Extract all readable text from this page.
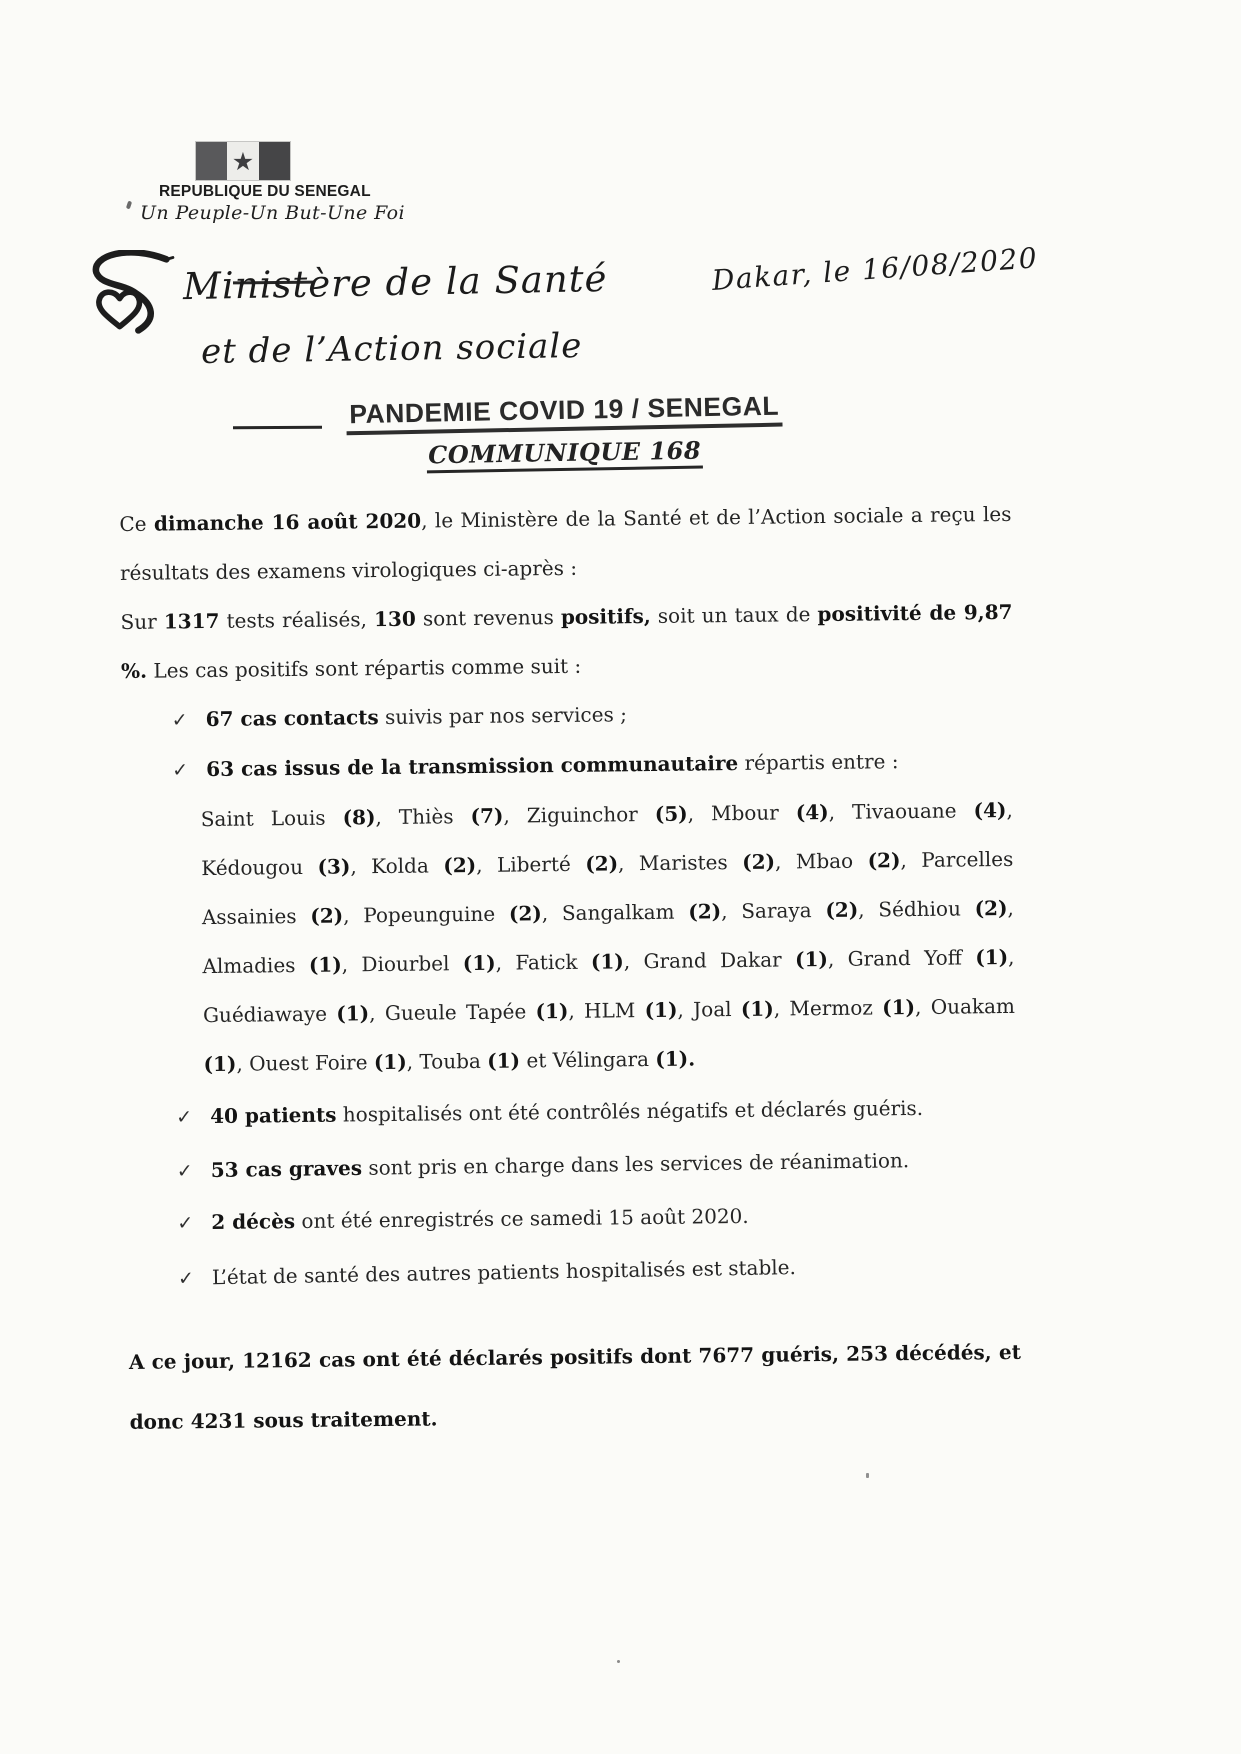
★
REPUBLIQUE DU SENEGAL
Un Peuple-Un But-Une Foi
Ministère de la Santé
et de l’Action sociale
Dakar, le 16/08/2020
PANDEMIE COVID 19 / SENEGAL
COMMUNIQUE 168

Ce dimanche 16 août 2020, le Ministère de la Santé et de l’Action sociale a reçu les résultats des examens virologiques ci-après :

Sur 1317 tests réalisés, 130 sont revenus positifs, soit un taux de positivité de 9,87 %. Les cas positifs sont répartis comme suit :

✓ 67 cas contacts suivis par nos services ;
✓ 63 cas issus de la transmission communautaire répartis entre :

Saint Louis (8), Thiès (7), Ziguinchor (5), Mbour (4), Tivaouane (4), Kédougou (3), Kolda (2), Liberté (2), Maristes (2), Mbao (2), Parcelles Assainies (2), Popeunguine (2), Sangalkam (2), Saraya (2), Sédhiou (2), Almadies (1), Diourbel (1), Fatick (1), Grand Dakar (1), Grand Yoff (1), Guédiawaye (1), Gueule Tapée (1), HLM (1), Joal (1), Mermoz (1), Ouakam (1), Ouest Foire (1), Touba (1) et Vélingara (1).

✓ 40 patients hospitalisés ont été contrôlés négatifs et déclarés guéris.
✓ 53 cas graves sont pris en charge dans les services de réanimation.
✓ 2 décès ont été enregistrés ce samedi 15 août 2020.
✓ L’état de santé des autres patients hospitalisés est stable.

A ce jour, 12162 cas ont été déclarés positifs dont 7677 guéris, 253 décédés, et donc 4231 sous traitement.
